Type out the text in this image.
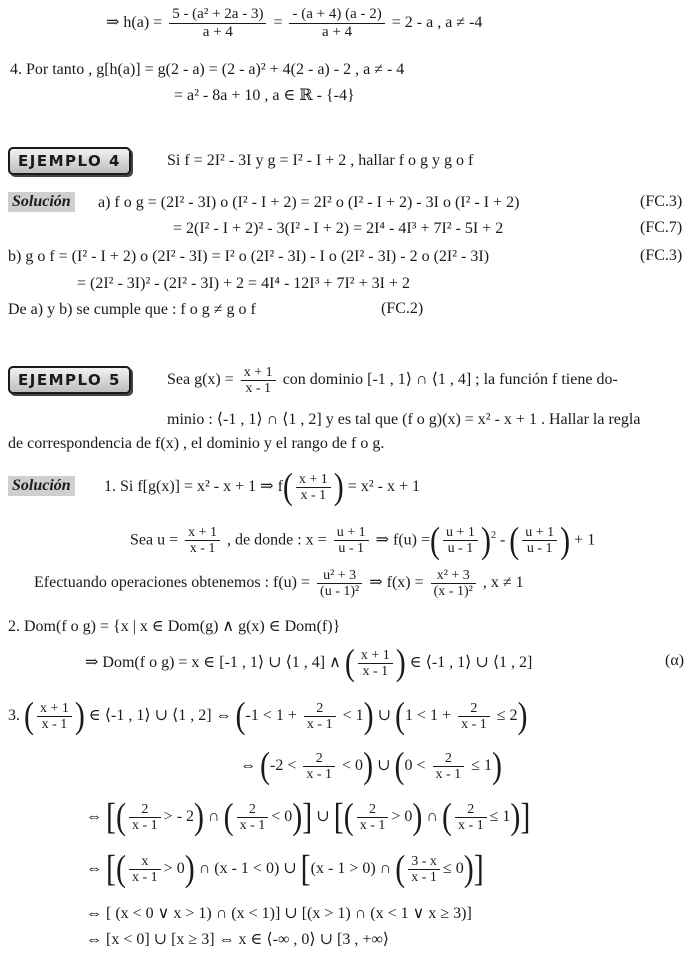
⇒ $h(a) = \frac{\text{5 - (a² + 2a - 3)}}{a + 4} = \frac{- (a + 4) (a - 2)}{a + 4} = 2 - a$ , a ≠ -4
4. Por tanto , g[h(a)] = g(2 - a) = (2 - a)² + 4(2 - a) - 2 , a ≠ - 4
= a² - 8a + 10 , a ∈ ℝ - {-4}
EJEMPLO 4	Si f = 2I² - 3I y g = I² - I + 2 , hallar f o g y g o f
Solución a) f o g = (2I² - 3I) o (I² - I + 2) = 2I² o (I² - I + 2) - 3I o (I² - I + 2)	(FC.3)
= 2(I² - I + 2)² - 3(I² - I + 2) = 2I⁴ - 4I³ + 7I² - 5I + 2	(FC.7)
b) g o f = (I² - I + 2) o (2I² - 3I) = I² o (2I² - 3I) - I o (2I² - 3I) - 2 o (2I² - 3I)	(FC.3)
= (2I² - 3I)² - (2I² - 3I) + 2 = 4I⁴ - 12I³ + 7I² + 3I + 2
De a) y b) se cumple que : f o g ≠ g o f	(FC.2)
EJEMPLO 5	Sea $g(x) = \frac{x + 1}{x - 1}$ con dominio [-1 , 1⟩ ∩ ⟨1 , 4] ; la función f tiene do-
minio : ⟨-1 , 1⟩ ∩ ⟨1 , 2] y es tal que (f o g)(x) = x² - x + 1 . Hallar la regla
de correspondencia de f(x) , el dominio y el rango de f o g.
Solución 1. Si f[g(x)] = x² - x + 1 ⇒ $f( \frac{x + 1}{x - 1}$ ) = x² - x + 1
Sea $u = \frac{x + 1}{x - 1}$ , de donde : $x = \frac{u + 1}{u - 1}$ ⇒ f(u) =( $\frac{u + 1}{u - 1} )^2$ - ( $\frac{u + 1}{u - 1}$ ) + 1
Efectuando operaciones obtenemos : $f(u) = \frac{\text{u² + 3}}{\text{(u - 1)²}}$ ⇒ $f(x) = \frac{\text{x² + 3}}{\text{(x - 1)²}}$ , x ≠ 1
2. Dom(f o g) = {x | x ∈ Dom(g) ∧ g(x) ∈ Dom(f)}
⇒ Dom(f o g) = x ∈ [-1 , 1⟩ ∪ ⟨1 , 4] ∧ ( $\frac{x + 1}{x - 1}$ ) ∈ ⟨-1 , 1⟩ ∪ ⟨1 , 2]	(α)
3. ( $\frac{x + 1}{x - 1}$ ) ∈ ⟨-1 , 1⟩ ∪ ⟨1 , 2] ⇔ $(-1 < 1 + \frac{2}{x - 1} < 1)$ ∪ $(1 < 1 + \frac{2}{x - 1} \le 2)$
⇔ $(-2 < \frac{2}{x - 1} < 0)$ ∪ $(0 < \frac{2}{x - 1} \le 1)$
⇔ [( $\frac{2}{x - 1}$ > - 2) ∩ ( $\frac{2}{x - 1} < 0$)] ∪ [( $\frac{2}{x - 1} > 0$) ∩ ( $\frac{2}{x - 1} \le 1$)]
⇔ [( $\frac{x}{x - 1} > 0$) ∩ (x - 1 < 0) ∪ [(x - 1 > 0) ∩ ( $\frac{3 - x}{x - 1} \le 0$)]
⇔ [ (x < 0 ∨ x > 1) ∩ (x < 1)] ∪ [(x > 1) ∩ (x < 1 ∨ x ≥ 3)]
⇔ [x < 0] ∪ [x ≥ 3] ⇔ x ∈ ⟨-∞ , 0⟩ ∪ [3 , +∞⟩
